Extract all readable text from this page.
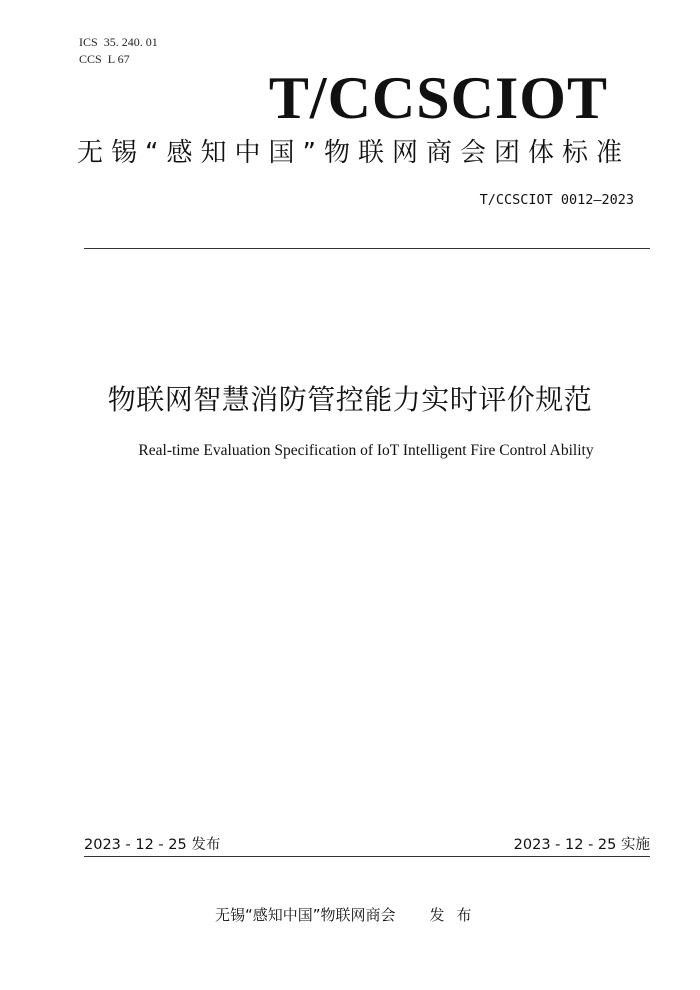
ICS 35. 240. 01
CCS L 67
T/CCSCIOT
无锡“感知中国”物联网商会团体标准
T/CCSCIOT 0012—2023
物联网智慧消防管控能力实时评价规范
Real-time Evaluation Specification of IoT Intelligent Fire Control Ability
2023 - 12 - 25 发布	2023 - 12 - 25 实施
无锡“感知中国”物联网商会 发布
